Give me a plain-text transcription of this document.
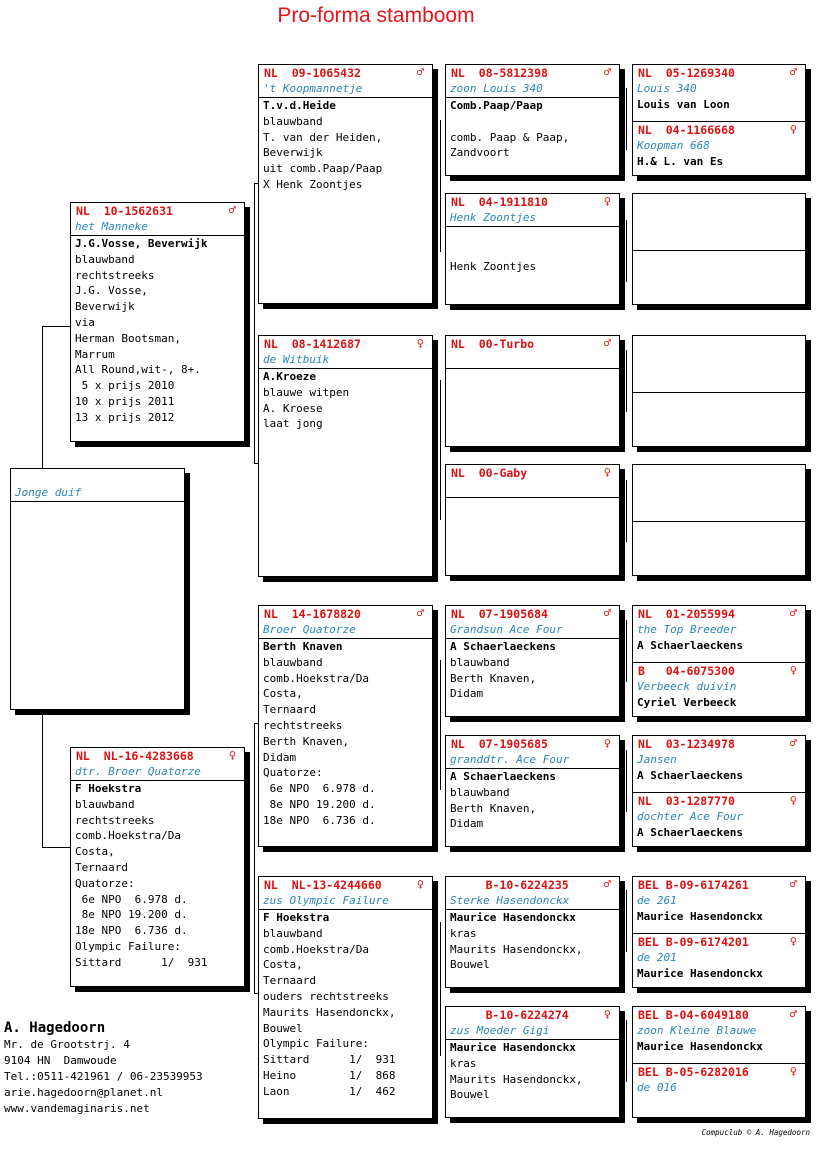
Pro-forma stamboom
Jonge duif
NL  10-1562631	♂
het Manneke
J.G.Vosse, Beverwijk
blauwband
rechtstreeks
J.G. Vosse,
Beverwijk
via
Herman Bootsman,
Marrum
All Round,wit-, 8+.
5 x prijs 2010
10 x prijs 2011
13 x prijs 2012
NL  NL-16-4283668	♀
dtr. Broer Quatorze
F Hoekstra
blauwband
rechtstreeks
comb.Hoekstra/Da
Costa,
Ternaard
Quatorze:
6e NPO  6.978 d.
8e NPO 19.200 d.
18e NPO  6.736 d.
Olympic Failure:
Sittard      1/  931
NL  09-1065432	♂
't Koopmannetje
T.v.d.Heide
blauwband
T. van der Heiden,
Beverwijk
uit comb.Paap/Paap
X Henk Zoontjes
NL  08-1412687	♀
de Witbuik
A.Kroeze
blauwe witpen
A. Kroese
laat jong
NL  14-1678820	♂
Broer Quatorze
Berth Knaven
blauwband
comb.Hoekstra/Da
Costa,
Ternaard
rechtstreeks
Berth Knaven,
Didam
Quatorze:
6e NPO  6.978 d.
8e NPO 19.200 d.
18e NPO  6.736 d.
NL  NL-13-4244660	♀
zus Olympic Failure
F Hoekstra
blauwband
comb.Hoekstra/Da
Costa,
Ternaard
ouders rechtstreeks
Maurits Hasendonckx,
Bouwel
Olympic Failure:
Sittard      1/  931
Heino        1/  868
Laon         1/  462
NL  08-5812398	♂
zoon Louis 340
Comb.Paap/Paap

comb. Paap & Paap,
Zandvoort
NL  04-1911810	♀
Henk Zoontjes

Henk Zoontjes
NL  00-Turbo	♂
NL  00-Gaby	♀
NL  07-1905684	♂
Grandsun Ace Four
A Schaerlaeckens
blauwband
Berth Knaven,
Didam
NL  07-1905685	♀
granddtr. Ace Four
A Schaerlaeckens
blauwband
Berth Knaven,
Didam
B-10-6224235	♂
Sterke Hasendonckx
Maurice Hasendonckx
kras
Maurits Hasendonckx,
Bouwel
B-10-6224274	♀
zus Moeder Gigi
Maurice Hasendonckx
kras
Maurits Hasendonckx,
Bouwel
NL  05-1269340	♂
Louis 340
Louis van Loon
NL  04-1166668	♀
Koopman 668
H.& L. van Es
NL  01-2055994	♂
the Top Breeder
A Schaerlaeckens
B   04-6075300	♀
Verbeeck duivin
Cyriel Verbeeck
NL  03-1234978	♂
Jansen
A Schaerlaeckens
NL  03-1287770	♀
dochter Ace Four
A Schaerlaeckens
BEL B-09-6174261	♂
de 261
Maurice Hasendonckx
BEL B-09-6174201	♀
de 201
Maurice Hasendonckx
BEL B-04-6049180	♂
zoon Kleine Blauwe
Maurice Hasendonckx
BEL B-05-6282016	♀
de 016
A. Hagedoorn
Mr. de Grootstrj. 4
9104 HN  Damwoude
Tel.:0511-421961 / 06-23539953
arie.hagedoorn@planet.nl
www.vandemaginaris.net
Compuclub © A. Hagedoorn
